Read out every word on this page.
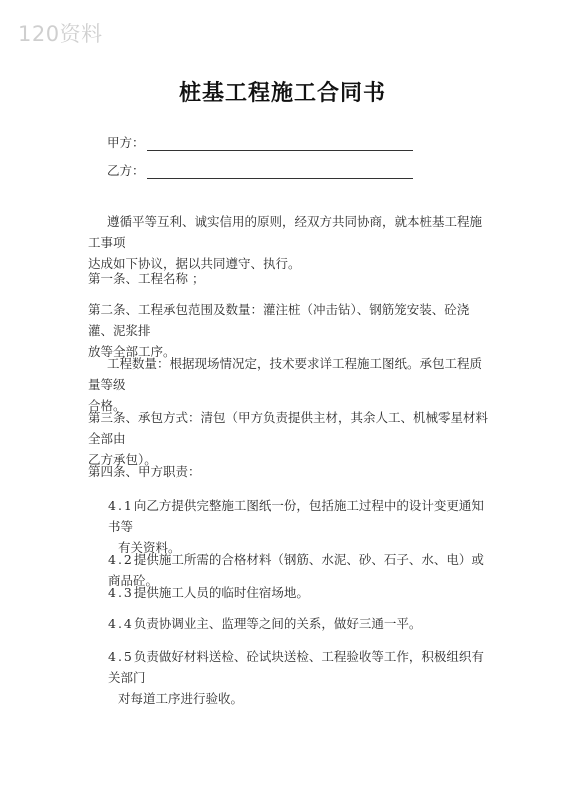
120资料
桩基工程施工合同书
甲方：
乙方：

遵循平等互利、诚实信用的原则，经双方共同协商，就本桩基工程施工事项
达成如下协议，据以共同遵守、执行。

第一条、工程名称 ；

第二条、工程承包范围及数量：灌注桩（冲击钻）、钢筋笼安装、砼浇灌、泥浆排
放等全部工序。

工程数量：根据现场情况定，技术要求详工程施工图纸。承包工程质量等级
合格。

第三条、承包方式：清包（甲方负责提供主材，其余人工、机械零星材料全部由
乙方承包）。

第四条、甲方职责：

4.1向乙方提供完整施工图纸一份，包括施工过程中的设计变更通知书等
有关资料。

4.2提供施工所需的合格材料（钢筋、水泥、砂、石子、水、电）或商品砼。

4.3提供施工人员的临时住宿场地。

4.4负责协调业主、监理等之间的关系，做好三通一平。

4.5负责做好材料送检、砼试块送检、工程验收等工作，积极组织有关部门
对每道工序进行验收。
